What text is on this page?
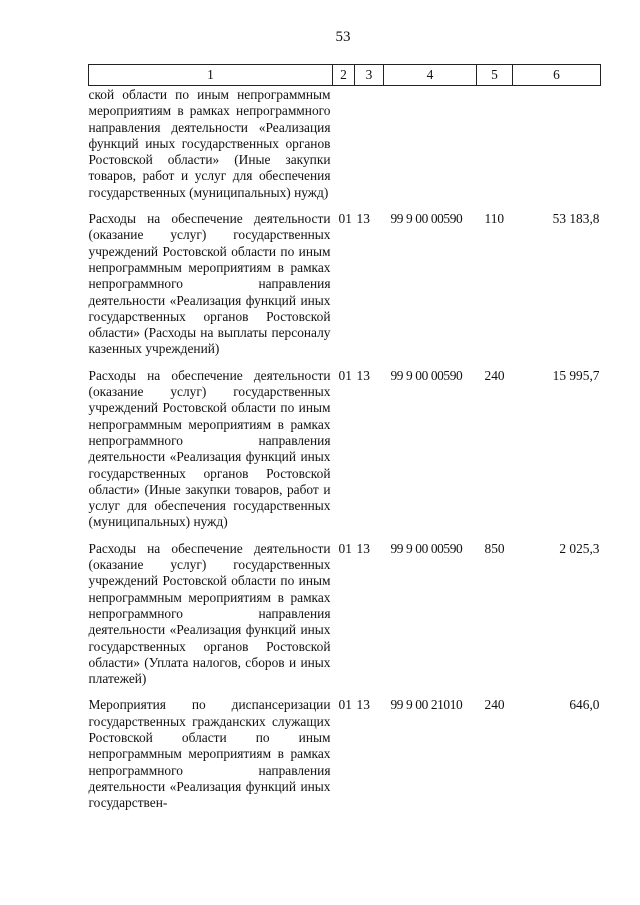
53
1	2	3	4	5	6
ской области по иным непрограммным мероприятиям в рамках непрограммного направления деятельности «Реализация функций иных государственных органов Ростовской области» (Иные закупки товаров, работ и услуг для обеспечения государственных (муниципальных) нужд)					

Расходы на обеспечение деятельности (оказание услуг) государственных учреждений Ростовской области по иным непрограммным мероприятиям в рамках непрограммного направления деятельности «Реализация функций иных государственных органов Ростовской области» (Расходы на выплаты персоналу казенных учреждений)	01	13	99 9 00 00590	110	53 183,8

Расходы на обеспечение деятельности (оказание услуг) государственных учреждений Ростовской области по иным непрограммным мероприятиям в рамках непрограммного направления деятельности «Реализация функций иных государственных органов Ростовской области» (Иные закупки товаров, работ и услуг для обеспечения государственных (муниципальных) нужд)	01	13	99 9 00 00590	240	15 995,7

Расходы на обеспечение деятельности (оказание услуг) государственных учреждений Ростовской области по иным непрограммным мероприятиям в рамках непрограммного направления деятельности «Реализация функций иных государственных органов Ростовской области» (Уплата налогов, сборов и иных платежей)	01	13	99 9 00 00590	850	2 025,3

Мероприятия по диспансеризации государственных гражданских служащих Ростовской области по иным непрограммным мероприятиям в рамках непрограммного направления деятельности «Реализация функций иных государствен-	01	13	99 9 00 21010	240	646,0
